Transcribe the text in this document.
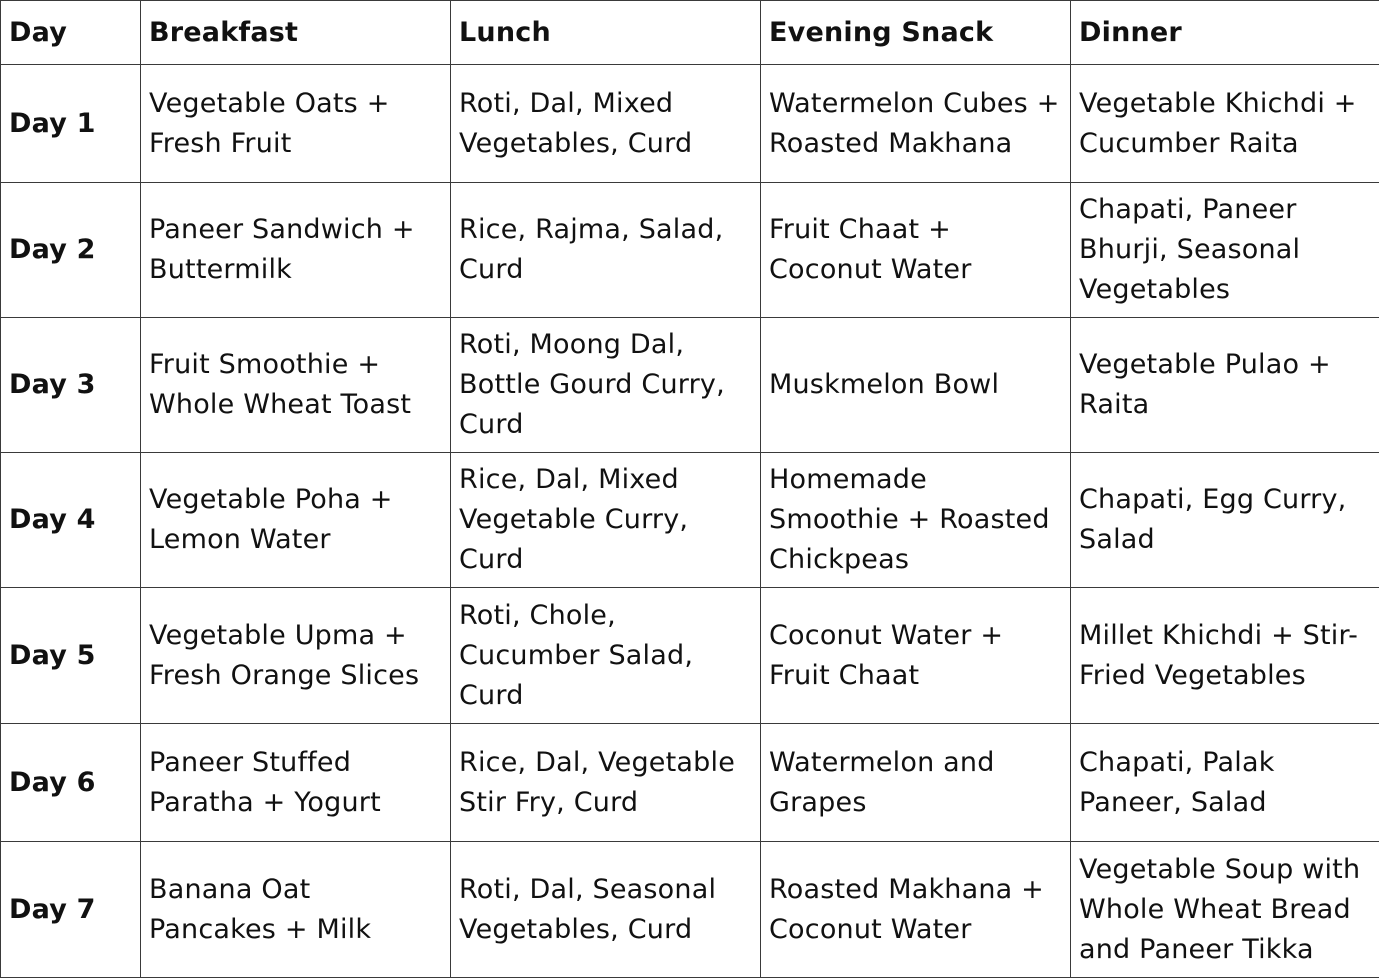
Day	Breakfast	Lunch	Evening Snack	Dinner
Day 1	Vegetable Oats + Fresh Fruit	Roti, Dal, Mixed Vegetables, Curd	Watermelon Cubes + Roasted Makhana	Vegetable Khichdi + Cucumber Raita
Day 2	Paneer Sandwich + Buttermilk	Rice, Rajma, Salad, Curd	Fruit Chaat + Coconut Water	Chapati, Paneer Bhurji, Seasonal Vegetables
Day 3	Fruit Smoothie + Whole Wheat Toast	Roti, Moong Dal, Bottle Gourd Curry, Curd	Muskmelon Bowl	Vegetable Pulao + Raita
Day 4	Vegetable Poha + Lemon Water	Rice, Dal, Mixed Vegetable Curry, Curd	Homemade Smoothie + Roasted Chickpeas	Chapati, Egg Curry, Salad
Day 5	Vegetable Upma + Fresh Orange Slices	Roti, Chole, Cucumber Salad, Curd	Coconut Water + Fruit Chaat	Millet Khichdi + Stir-Fried Vegetables
Day 6	Paneer Stuffed Paratha + Yogurt	Rice, Dal, Vegetable Stir Fry, Curd	Watermelon and Grapes	Chapati, Palak Paneer, Salad
Day 7	Banana Oat Pancakes + Milk	Roti, Dal, Seasonal Vegetables, Curd	Roasted Makhana + Coconut Water	Vegetable Soup with Whole Wheat Bread and Paneer Tikka
